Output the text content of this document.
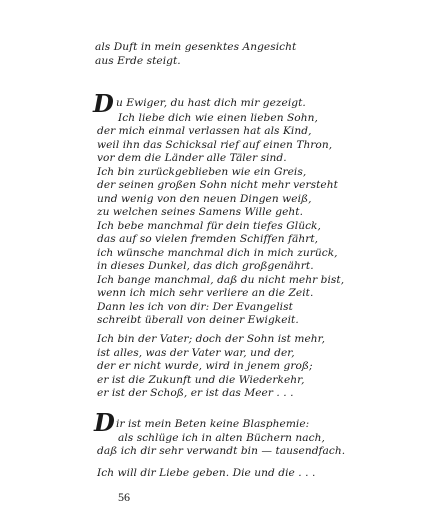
als Duft in mein gesenktes Angesicht
aus Erde steigt.
D u Ewiger, du hast dich mir gezeigt.
Ich liebe dich wie einen lieben Sohn,
der mich einmal verlassen hat als Kind,
weil ihn das Schicksal rief auf einen Thron,
vor dem die Länder alle Täler sind.
Ich bin zurückgeblieben wie ein Greis,
der seinen großen Sohn nicht mehr versteht
und wenig von den neuen Dingen weiß,
zu welchen seines Samens Wille geht.
Ich bebe manchmal für dein tiefes Glück,
das auf so vielen fremden Schiffen fährt,
ich wünsche manchmal dich in mich zurück,
in dieses Dunkel, das dich großgenährt.
Ich bange manchmal, daß du nicht mehr bist,
wenn ich mich sehr verliere an die Zeit.
Dann les ich von dir: Der Evangelist
schreibt überall von deiner Ewigkeit.
Ich bin der Vater; doch der Sohn ist mehr,
ist alles, was der Vater war, und der,
der er nicht wurde, wird in jenem groß;
er ist die Zukunft und die Wiederkehr,
er ist der Schoß, er ist das Meer . . .
D ir ist mein Beten keine Blasphemie:
als schlüge ich in alten Büchern nach,
daß ich dir sehr verwandt bin — tausendfach.
Ich will dir Liebe geben. Die und die . . .
56
